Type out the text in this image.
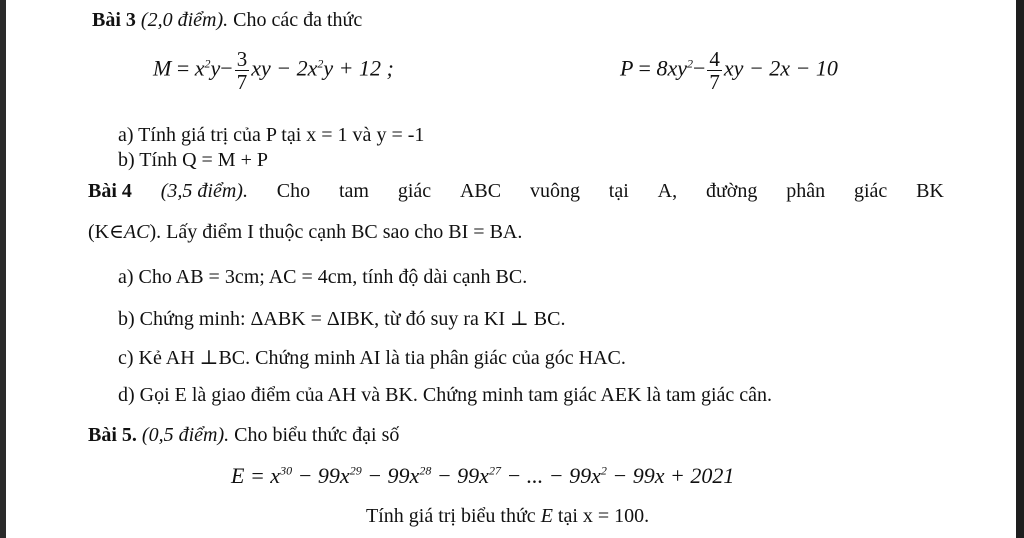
Bài 3 (2,0 điểm). Cho các đa thức
$M = x^2y- \frac{3}{7}$ xy − $2x^2y + 12$ ;	$P = 8xy^2- \frac{4}{7}$ xy − 2x − 10
a) Tính giá trị của P tại x = 1 và y = -1
b) Tính Q = M + P
Bài 4 (3,5 điểm). Cho tam giác ABC vuông tại A, đường phân giác BK
(K∈AC). Lấy điểm I thuộc cạnh BC sao cho BI = BA.
a) Cho AB = 3cm; AC = 4cm, tính độ dài cạnh BC.
b) Chứng minh: ΔABK = ΔIBK, từ đó suy ra KI ⊥ BC.
c) Kẻ AH ⊥BC. Chứng minh AI là tia phân giác của góc HAC.
d) Gọi E là giao điểm của AH và BK. Chứng minh tam giác AEK là tam giác cân.
Bài 5. (0,5 điểm). Cho biểu thức đại số
$E = x^{30} - 99x^{29} - 99x^{28} - 99x^{27}$ − ... − $99x^2 - 99x + 2021$
Tính giá trị biểu thức E tại x = 100.
